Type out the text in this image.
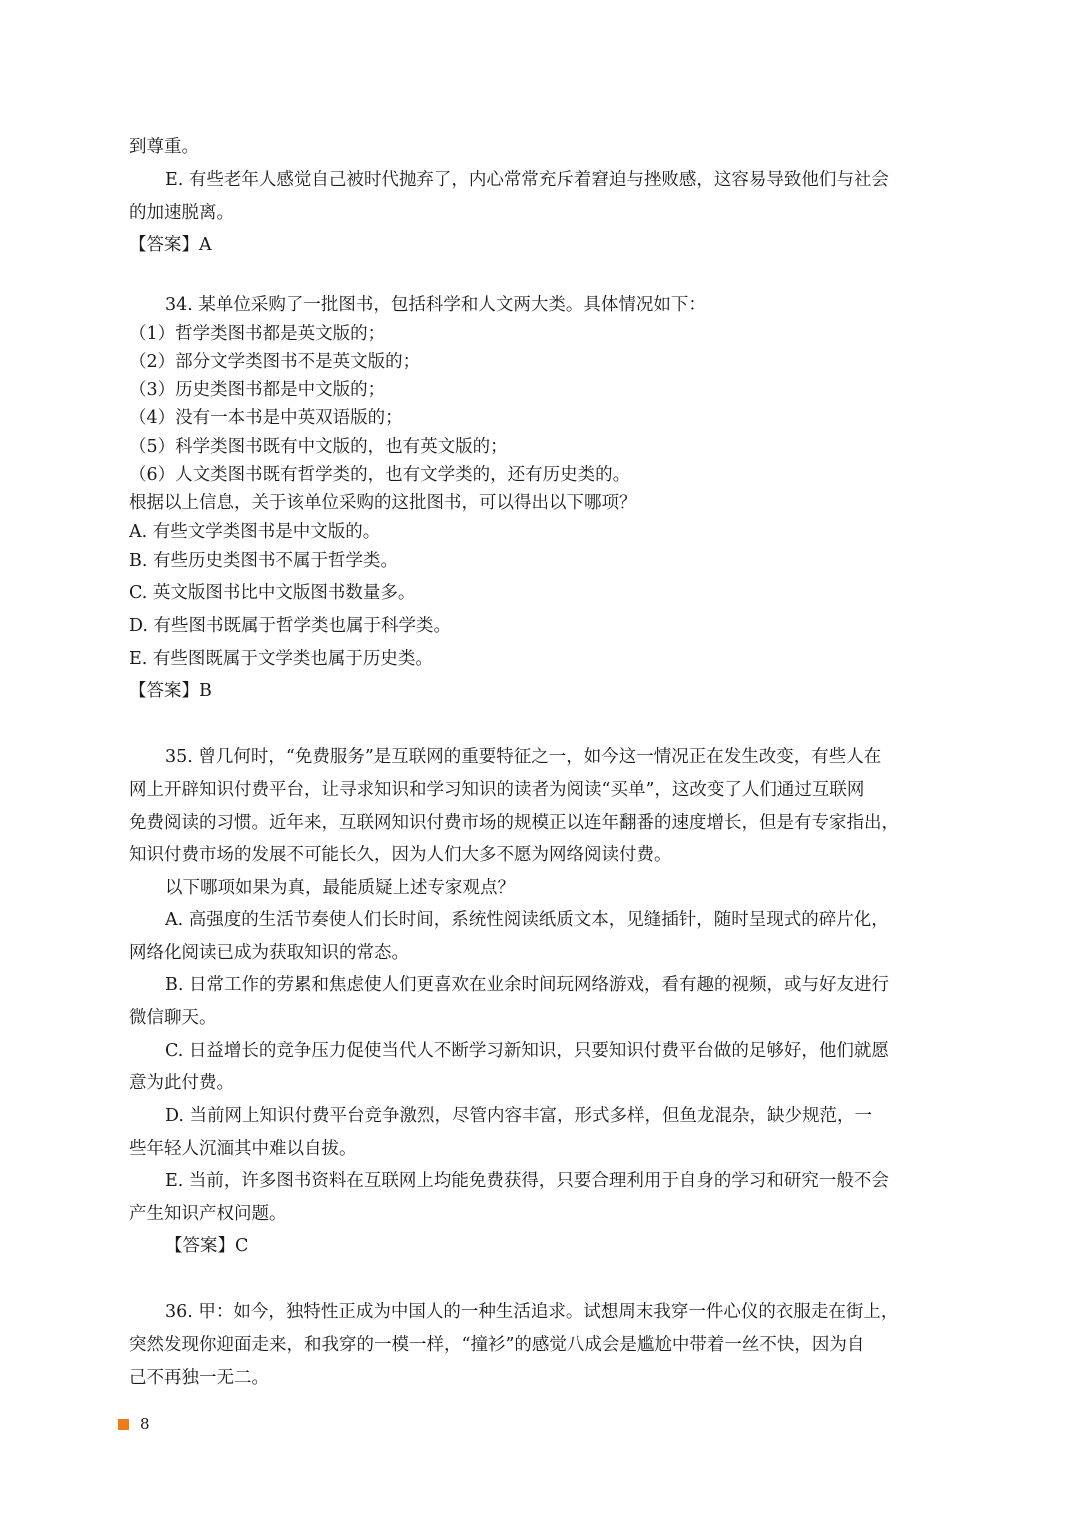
到尊重。
E. 有些老年人感觉自己被时代抛弃了，内心常常充斥着窘迫与挫败感，这容易导致他们与社会
的加速脱离。
【答案】A
34. 某单位采购了一批图书，包括科学和人文两大类。具体情况如下：
（1）哲学类图书都是英文版的；
（2）部分文学类图书不是英文版的；
（3）历史类图书都是中文版的；
（4）没有一本书是中英双语版的；
（5）科学类图书既有中文版的，也有英文版的；
（6）人文类图书既有哲学类的，也有文学类的，还有历史类的。
根据以上信息，关于该单位采购的这批图书，可以得出以下哪项？
A. 有些文学类图书是中文版的。
B. 有些历史类图书不属于哲学类。
C. 英文版图书比中文版图书数量多。
D. 有些图书既属于哲学类也属于科学类。
E. 有些图既属于文学类也属于历史类。
【答案】B
35. 曾几何时，“免费服务”是互联网的重要特征之一，如今这一情况正在发生改变，有些人在
网上开辟知识付费平台，让寻求知识和学习知识的读者为阅读“买单”，这改变了人们通过互联网
免费阅读的习惯。近年来，互联网知识付费市场的规模正以连年翻番的速度增长，但是有专家指出，
知识付费市场的发展不可能长久，因为人们大多不愿为网络阅读付费。
以下哪项如果为真，最能质疑上述专家观点？
A. 高强度的生活节奏使人们长时间，系统性阅读纸质文本，见缝插针，随时呈现式的碎片化，
网络化阅读已成为获取知识的常态。
B. 日常工作的劳累和焦虑使人们更喜欢在业余时间玩网络游戏，看有趣的视频，或与好友进行
微信聊天。
C. 日益增长的竞争压力促使当代人不断学习新知识，只要知识付费平台做的足够好，他们就愿
意为此付费。
D. 当前网上知识付费平台竞争激烈，尽管内容丰富，形式多样，但鱼龙混杂，缺少规范，一
些年轻人沉湎其中难以自拔。
E. 当前，许多图书资料在互联网上均能免费获得，只要合理利用于自身的学习和研究一般不会
产生知识产权问题。
【答案】C
36. 甲：如今，独特性正成为中国人的一种生活追求。试想周末我穿一件心仪的衣服走在街上，
突然发现你迎面走来，和我穿的一模一样，“撞衫”的感觉八成会是尴尬中带着一丝不快，因为自
己不再独一无二。
8
